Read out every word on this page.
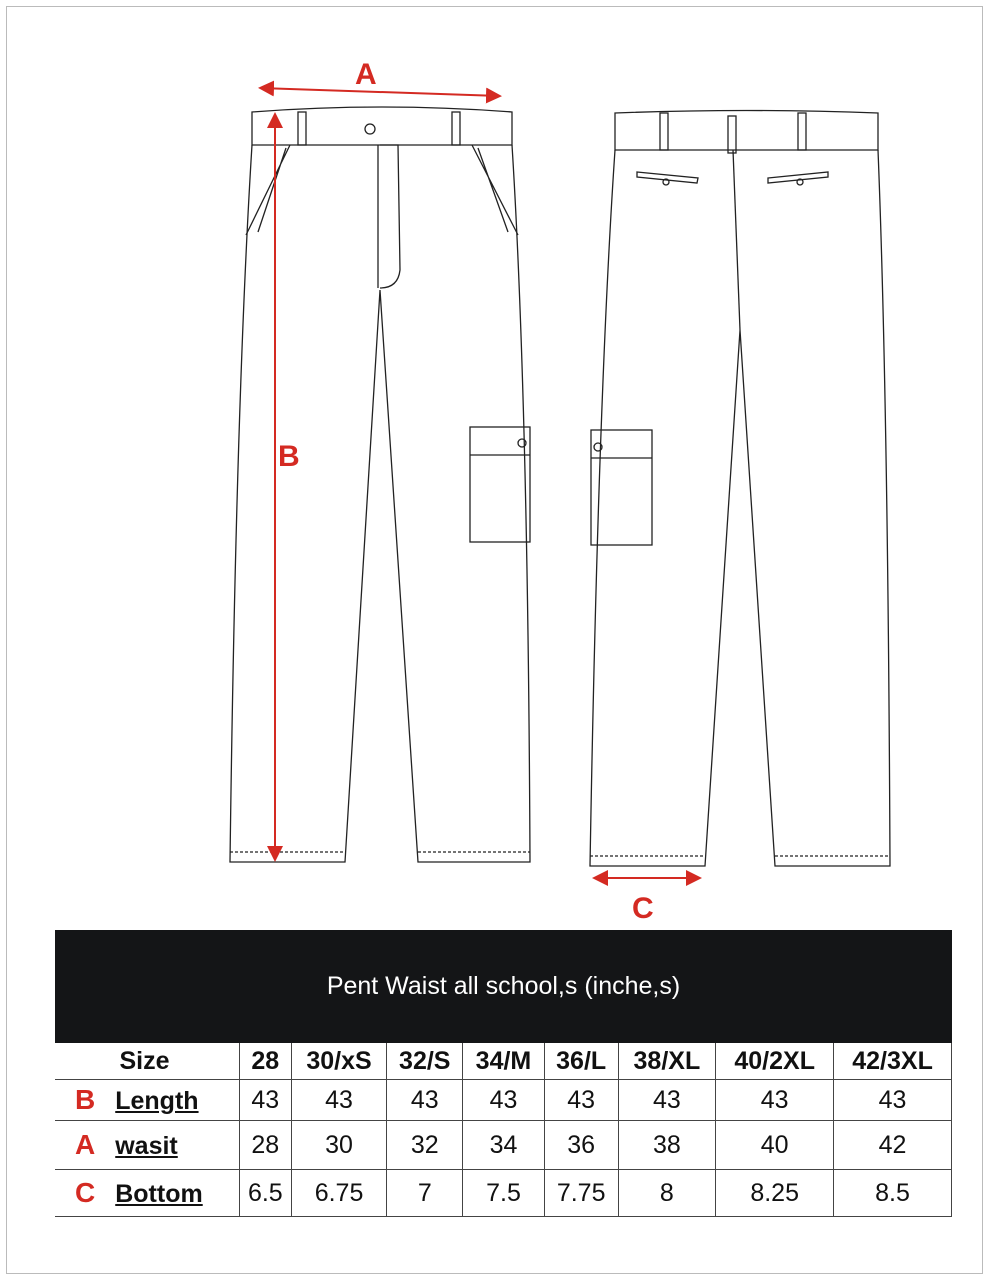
A
B
C
Pent Waist all school,s (inche,s)
Size	28	30/xS	32/S	34/M	36/L	38/XL	40/2XL	42/3XL
B Length	43	43	43	43	43	43	43	43
A wasit	28	30	32	34	36	38	40	42
C Bottom	6.5	6.75	7	7.5	7.75	8	8.25	8.5
